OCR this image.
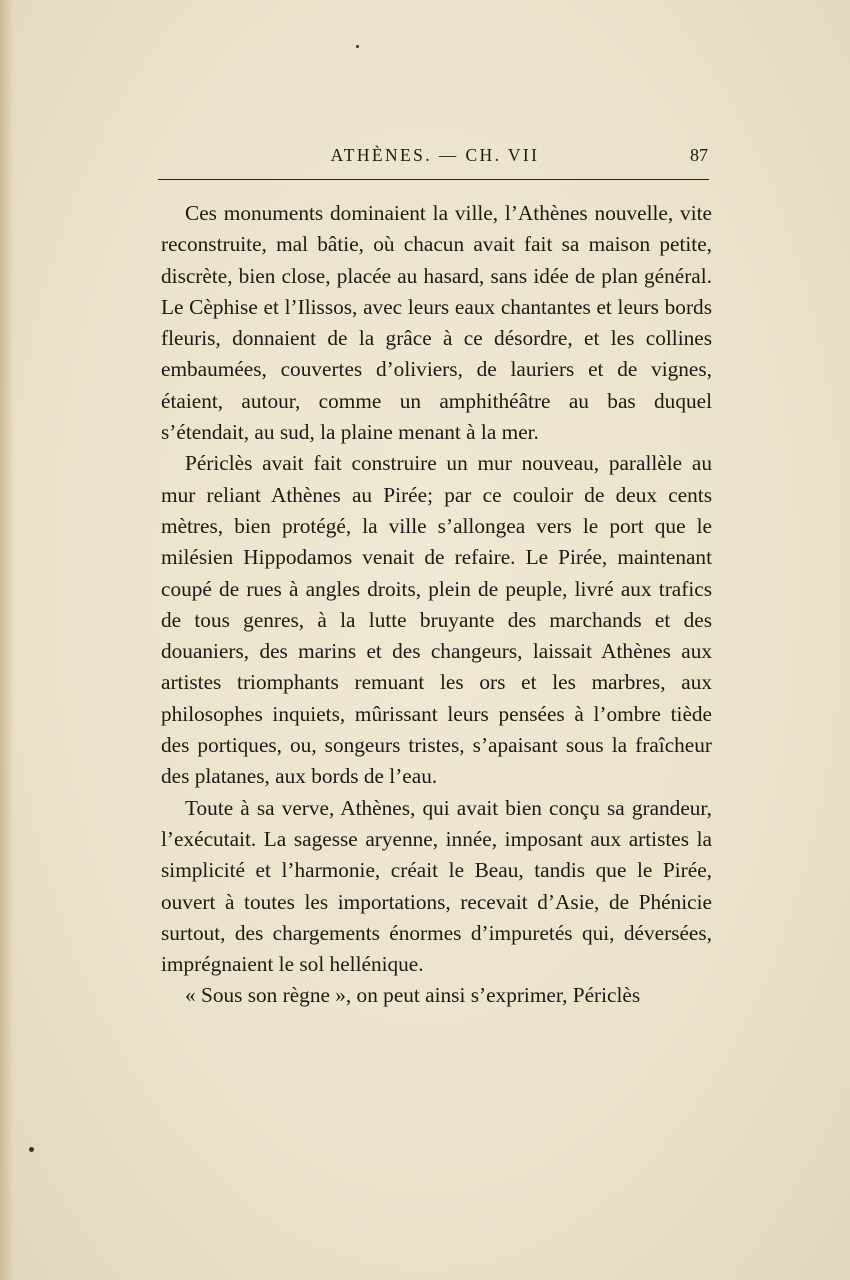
ATHÈNES. — CH. VII	87

Ces monuments dominaient la ville, l’Athènes nouvelle, vite reconstruite, mal bâtie, où chacun avait fait sa maison petite, discrète, bien close, placée au hasard, sans idée de plan général. Le Cèphise et l’Ilissos, avec leurs eaux chantantes et leurs bords fleuris, donnaient de la grâce à ce désordre, et les collines embaumées, couvertes d’oliviers, de lauriers et de vignes, étaient, autour, comme un amphithéâtre au bas duquel s’étendait, au sud, la plaine menant à la mer.

Périclès avait fait construire un mur nouveau, parallèle au mur reliant Athènes au Pirée; par ce couloir de deux cents mètres, bien protégé, la ville s’allongea vers le port que le milésien Hippodamos venait de refaire. Le Pirée, maintenant coupé de rues à angles droits, plein de peuple, livré aux trafics de tous genres, à la lutte bruyante des marchands et des douaniers, des marins et des changeurs, laissait Athènes aux artistes triomphants remuant les ors et les marbres, aux philosophes inquiets, mûrissant leurs pensées à l’ombre tiède des portiques, ou, songeurs tristes, s’apaisant sous la fraîcheur des platanes, aux bords de l’eau.

Toute à sa verve, Athènes, qui avait bien conçu sa grandeur, l’exécutait. La sagesse aryenne, innée, imposant aux artistes la simplicité et l’harmonie, créait le Beau, tandis que le Pirée, ouvert à toutes les importations, recevait d’Asie, de Phénicie surtout, des chargements énormes d’impuretés qui, déversées, imprégnaient le sol hellénique.

« Sous son règne », on peut ainsi s’exprimer, Périclès
